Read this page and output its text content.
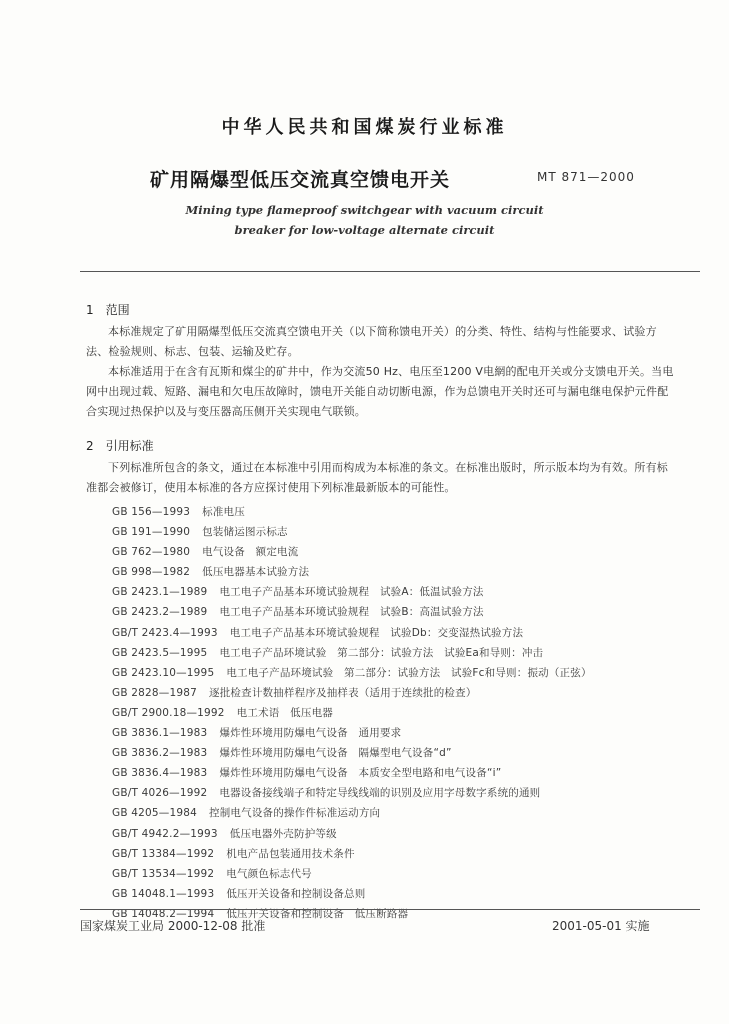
中华人民共和国煤炭行业标准
矿用隔爆型低压交流真空馈电开关	MT 871—2000
Mining type flameproof switchgear with vacuum circuit
breaker for low-voltage alternate circuit
1　范围
本标准规定了矿用隔爆型低压交流真空馈电开关（以下简称馈电开关）的分类、特性、结构与性能要求、试验方法、检验规则、标志、包装、运输及贮存。
本标准适用于在含有瓦斯和煤尘的矿井中，作为交流50 Hz、电压至1200 V电網的配电开关或分支馈电开关。当电网中出现过载、短路、漏电和欠电压故障时，馈电开关能自动切断电源，作为总馈电开关时还可与漏电继电保护元件配合实现过热保护以及与变压器高压侧开关实现电气联锁。
2　引用标准
下列标准所包含的条文，通过在本标准中引用而构成为本标准的条文。在标准出版时，所示版本均为有效。所有标准都会被修订，使用本标准的各方应探讨使用下列标准最新版本的可能性。
GB 156—1993 标准电压
GB 191—1990 包装储运图示标志
GB 762—1980 电气设备　额定电流
GB 998—1982 低压电器基本试验方法
GB 2423.1—1989 电工电子产品基本环境试验规程　试验A：低温试验方法
GB 2423.2—1989 电工电子产品基本环境试验规程　试验B：高温试验方法
GB/T 2423.4—1993 电工电子产品基本环境试验规程　试验Db：交变湿热试验方法
GB 2423.5—1995 电工电子产品环境试验　第二部分：试验方法　试验Ea和导则：冲击
GB 2423.10—1995 电工电子产品环境试验　第二部分：试验方法　试验Fc和导则：振动（正弦）
GB 2828—1987 逐批检查计数抽样程序及抽样表（适用于连续批的检查）
GB/T 2900.18—1992 电工术语　低压电器
GB 3836.1—1983 爆炸性环境用防爆电气设备　通用要求
GB 3836.2—1983 爆炸性环境用防爆电气设备　隔爆型电气设备“d”
GB 3836.4—1983 爆炸性环境用防爆电气设备　本质安全型电路和电气设备“i”
GB/T 4026—1992 电器设备接线端子和特定导线线端的识别及应用字母数字系统的通则
GB 4205—1984 控制电气设备的操作件标准运动方向
GB/T 4942.2—1993 低压电器外壳防护等级
GB/T 13384—1992 机电产品包装通用技术条件
GB/T 13534—1992 电气颜色标志代号
GB 14048.1—1993 低压开关设备和控制设备总则
GB 14048.2—1994 低压开关设备和控制设备　低压断路器
国家煤炭工业局 2000-12-08 批准	2001-05-01 实施
